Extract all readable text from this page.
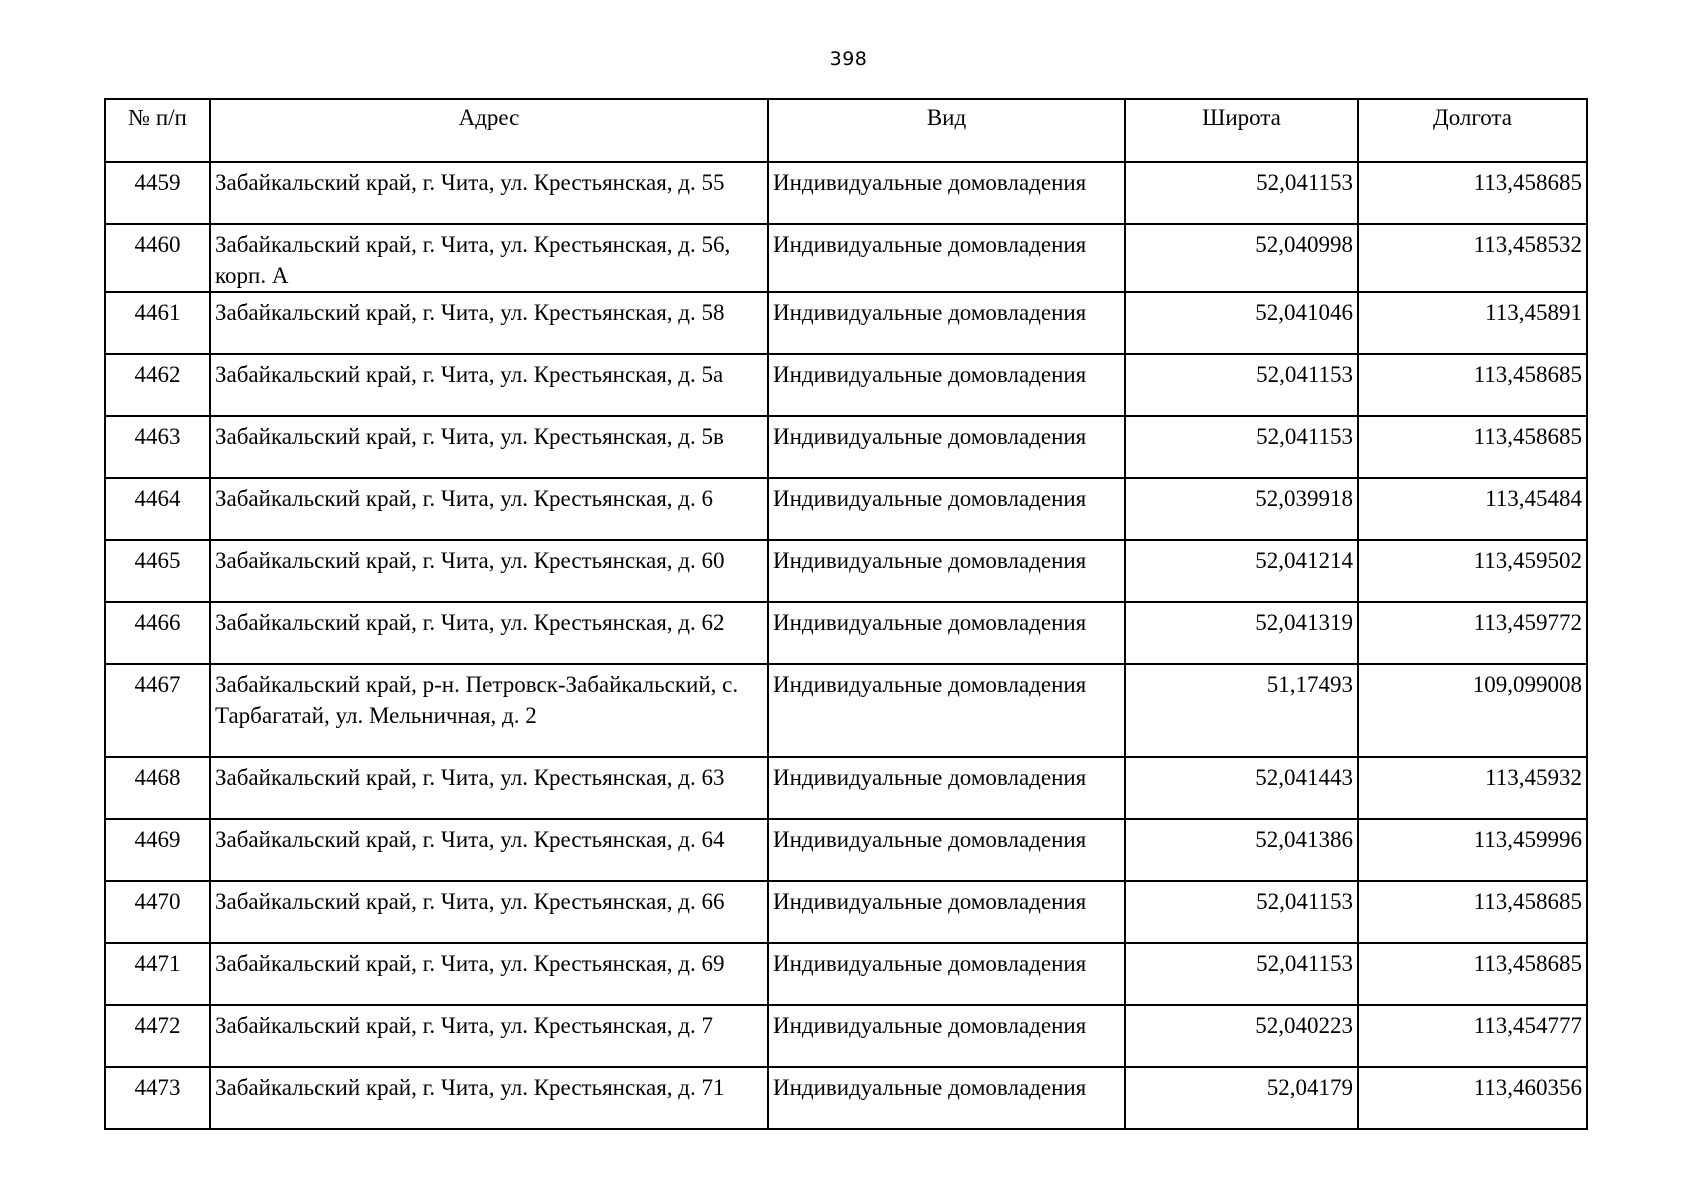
398
№ п/п	Адрес	Вид	Широта	Долгота
4459	Забайкальский край, г. Чита, ул. Крестьянская, д. 55	Индивидуальные домовладения	52,041153	113,458685
4460	Забайкальский край, г. Чита, ул. Крестьянская, д. 56, корп. А	Индивидуальные домовладения	52,040998	113,458532
4461	Забайкальский край, г. Чита, ул. Крестьянская, д. 58	Индивидуальные домовладения	52,041046	113,45891
4462	Забайкальский край, г. Чита, ул. Крестьянская, д. 5а	Индивидуальные домовладения	52,041153	113,458685
4463	Забайкальский край, г. Чита, ул. Крестьянская, д. 5в	Индивидуальные домовладения	52,041153	113,458685
4464	Забайкальский край, г. Чита, ул. Крестьянская, д. 6	Индивидуальные домовладения	52,039918	113,45484
4465	Забайкальский край, г. Чита, ул. Крестьянская, д. 60	Индивидуальные домовладения	52,041214	113,459502
4466	Забайкальский край, г. Чита, ул. Крестьянская, д. 62	Индивидуальные домовладения	52,041319	113,459772
4467	Забайкальский край, р-н. Петровск-Забайкальский, с. Тарбагатай, ул. Мельничная, д. 2	Индивидуальные домовладения	51,17493	109,099008
4468	Забайкальский край, г. Чита, ул. Крестьянская, д. 63	Индивидуальные домовладения	52,041443	113,45932
4469	Забайкальский край, г. Чита, ул. Крестьянская, д. 64	Индивидуальные домовладения	52,041386	113,459996
4470	Забайкальский край, г. Чита, ул. Крестьянская, д. 66	Индивидуальные домовладения	52,041153	113,458685
4471	Забайкальский край, г. Чита, ул. Крестьянская, д. 69	Индивидуальные домовладения	52,041153	113,458685
4472	Забайкальский край, г. Чита, ул. Крестьянская, д. 7	Индивидуальные домовладения	52,040223	113,454777
4473	Забайкальский край, г. Чита, ул. Крестьянская, д. 71	Индивидуальные домовладения	52,04179	113,460356
